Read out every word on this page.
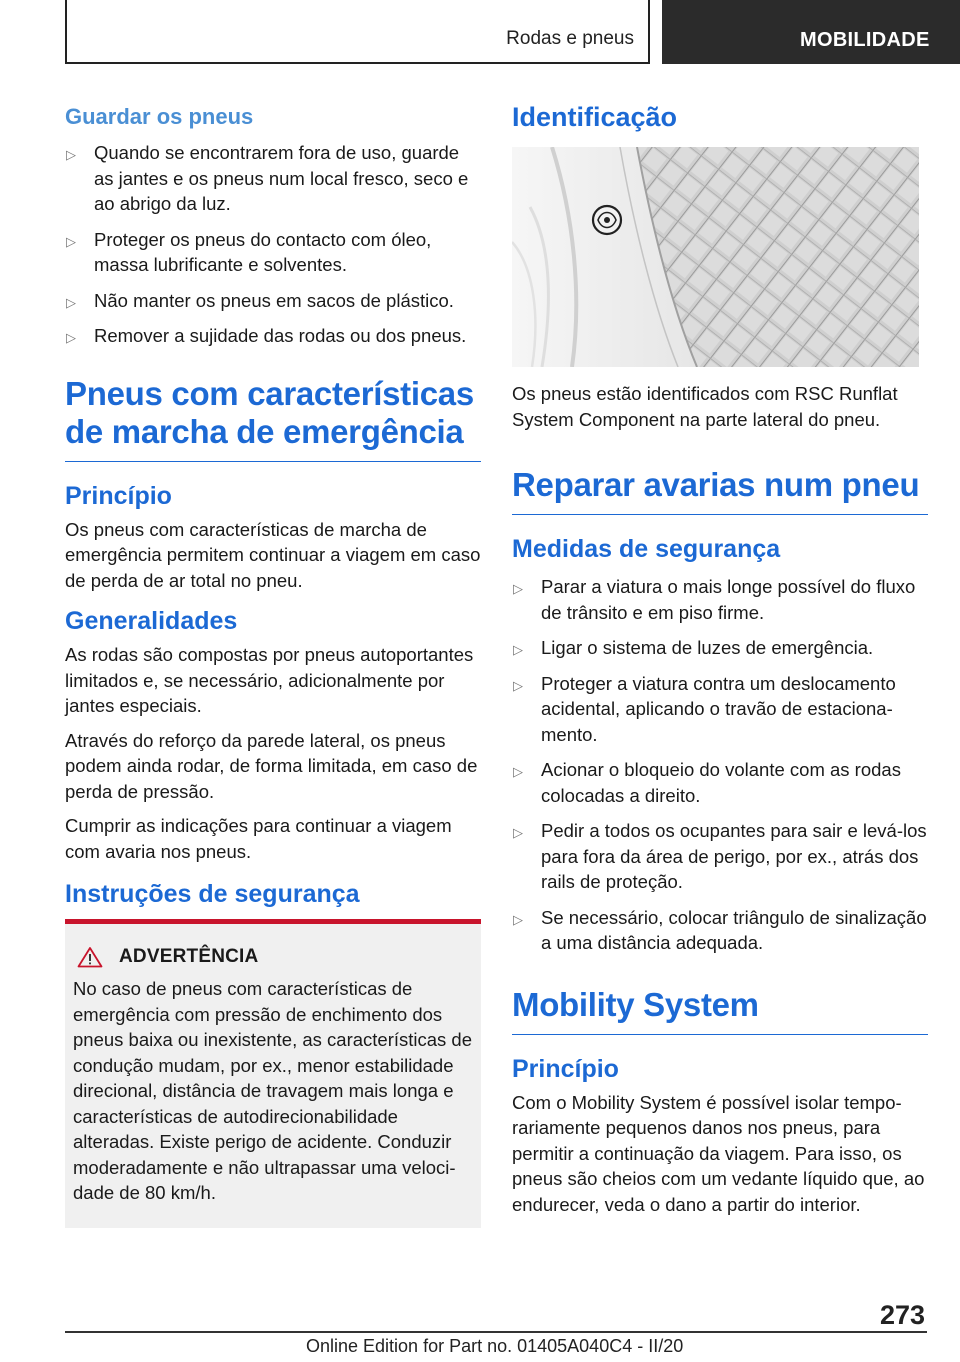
Rodas e pneus	MOBILIDADE
Guardar os pneus
▷ Quando se encontrarem fora de uso, guarde as jantes e os pneus num local fresco, seco e ao abrigo da luz.
▷ Proteger os pneus do contacto com óleo, massa lubrificante e solventes.
▷ Não manter os pneus em sacos de plástico.
▷ Remover a sujidade das rodas ou dos pneus.
Pneus com características de marcha de emergência
Princípio

Os pneus com características de marcha de emergência permitem continuar a viagem em caso de perda de ar total no pneu.

Generalidades

As rodas são compostas por pneus autoportantes limitados e, se necessário, adicionalmente por jantes especiais.

Através do reforço da parede lateral, os pneus podem ainda rodar, de forma limitada, em caso de perda de pressão.

Cumprir as indicações para continuar a viagem com avaria nos pneus.

Instruções de segurança
ADVERTÊNCIA

No caso de pneus com características de emergência com pressão de enchimento dos pneus baixa ou inexistente, as características de condução mudam, por ex., menor estabilidade direcional, distância de travagem mais longa e características de autodirecionabilidade alteradas. Existe perigo de acidente. Conduzir moderadamente e não ultrapassar uma velocidade de 80 km/h.

Identificação

Os pneus estão identificados com RSC Runflat System Component na parte lateral do pneu.

Reparar avarias num pneu
Medidas de segurança
▷ Parar a viatura o mais longe possível do fluxo de trânsito e em piso firme.
▷ Ligar o sistema de luzes de emergência.
▷ Proteger a viatura contra um deslocamento acidental, aplicando o travão de estacionamento.
▷ Acionar o bloqueio do volante com as rodas colocadas a direito.
▷ Pedir a todos os ocupantes para sair e levá-los para fora da área de perigo, por ex., atrás dos rails de proteção.
▷ Se necessário, colocar triângulo de sinalização a uma distância adequada.
Mobility System
Princípio

Com o Mobility System é possível isolar temporariamente pequenos danos nos pneus, para permitir a continuação da viagem. Para isso, os pneus são cheios com um vedante líquido que, ao endurecer, veda o dano a partir do interior.

273
Online Edition for Part no. 01405A040C4 - II/20
